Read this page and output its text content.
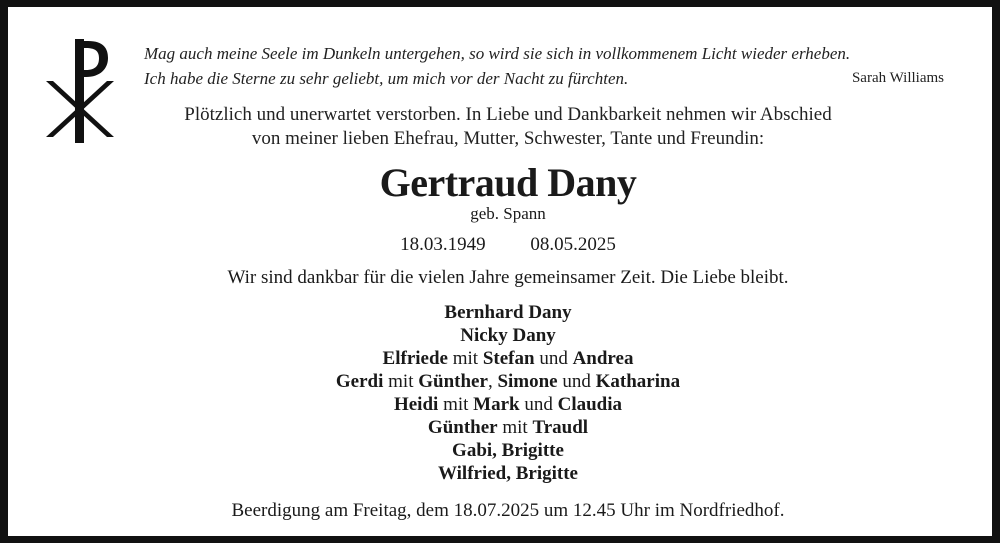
Mag auch meine Seele im Dunkeln untergehen, so wird sie sich in vollkommenem Licht wieder erheben.
Ich habe die Sterne zu sehr geliebt, um mich vor der Nacht zu fürchten.	Sarah Williams
Plötzlich und unerwartet verstorben. In Liebe und Dankbarkeit nehmen wir Abschied
von meiner lieben Ehefrau, Mutter, Schwester, Tante und Freundin:
Gertraud Dany
geb. Spann
18.03.1949 08.05.2025
Wir sind dankbar für die vielen Jahre gemeinsamer Zeit. Die Liebe bleibt.
Bernhard Dany
Nicky Dany
Elfriede mit Stefan und Andrea
Gerdi mit Günther, Simone und Katharina
Heidi mit Mark und Claudia
Günther mit Traudl
Gabi, Brigitte
Wilfried, Brigitte
Beerdigung am Freitag, dem 18.07.2025 um 12.45 Uhr im Nordfriedhof.
